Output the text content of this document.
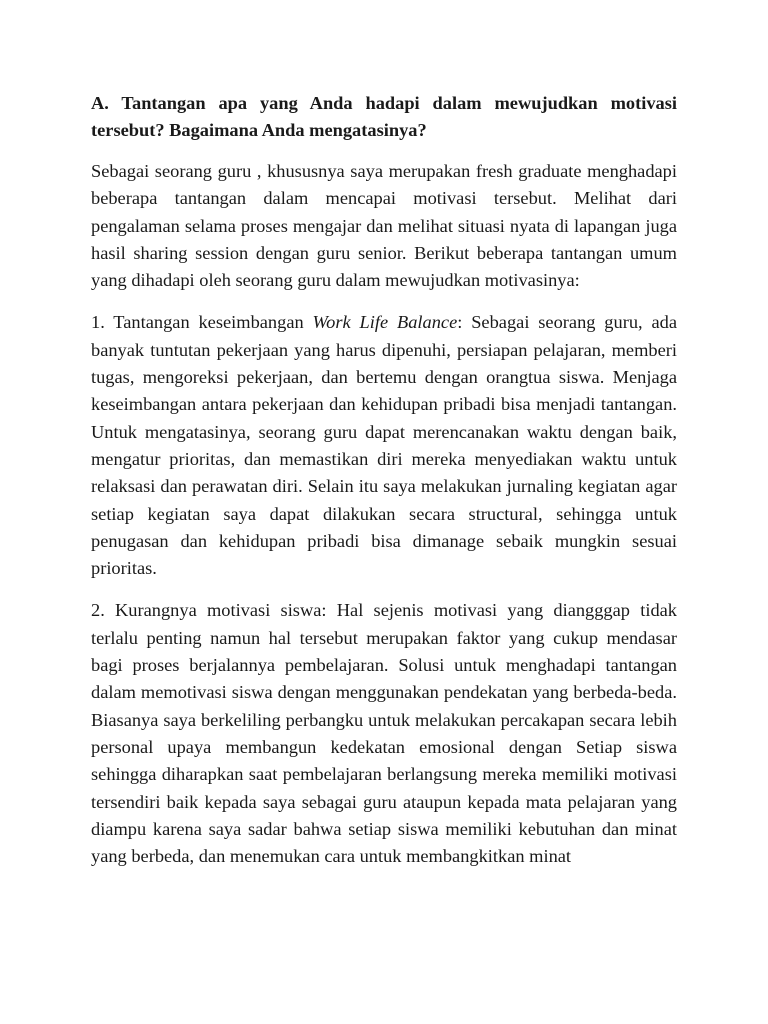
A. Tantangan apa yang Anda hadapi dalam mewujudkan motivasi tersebut? Bagaimana Anda mengatasinya?

Sebagai seorang guru , khususnya saya merupakan fresh graduate menghadapi beberapa tantangan dalam mencapai motivasi tersebut. Melihat dari pengalaman selama proses mengajar dan melihat situasi nyata di lapangan juga hasil sharing session dengan guru senior. Berikut beberapa tantangan umum yang dihadapi oleh seorang guru dalam mewujudkan motivasinya:

1. Tantangan keseimbangan Work Life Balance: Sebagai seorang guru, ada banyak tuntutan pekerjaan yang harus dipenuhi, persiapan pelajaran, memberi tugas, mengoreksi pekerjaan, dan bertemu dengan orangtua siswa. Menjaga keseimbangan antara pekerjaan dan kehidupan pribadi bisa menjadi tantangan. Untuk mengatasinya, seorang guru dapat merencanakan waktu dengan baik, mengatur prioritas, dan memastikan diri mereka menyediakan waktu untuk relaksasi dan perawatan diri. Selain itu saya melakukan jurnaling kegiatan agar setiap kegiatan saya dapat dilakukan secara structural, sehingga untuk penugasan dan kehidupan pribadi bisa dimanage sebaik mungkin sesuai prioritas.

2. Kurangnya motivasi siswa: Hal sejenis motivasi yang diangggap tidak terlalu penting namun hal tersebut merupakan faktor yang cukup mendasar bagi proses berjalannya pembelajaran. Solusi untuk menghadapi tantangan dalam memotivasi siswa dengan menggunakan pendekatan yang berbeda-beda. Biasanya saya berkeliling perbangku untuk melakukan percakapan secara lebih personal upaya membangun kedekatan emosional dengan Setiap siswa sehingga diharapkan saat pembelajaran berlangsung mereka memiliki motivasi tersendiri baik kepada saya sebagai guru ataupun kepada mata pelajaran yang diampu karena saya sadar bahwa setiap siswa memiliki kebutuhan dan minat yang berbeda, dan menemukan cara untuk membangkitkan minat
